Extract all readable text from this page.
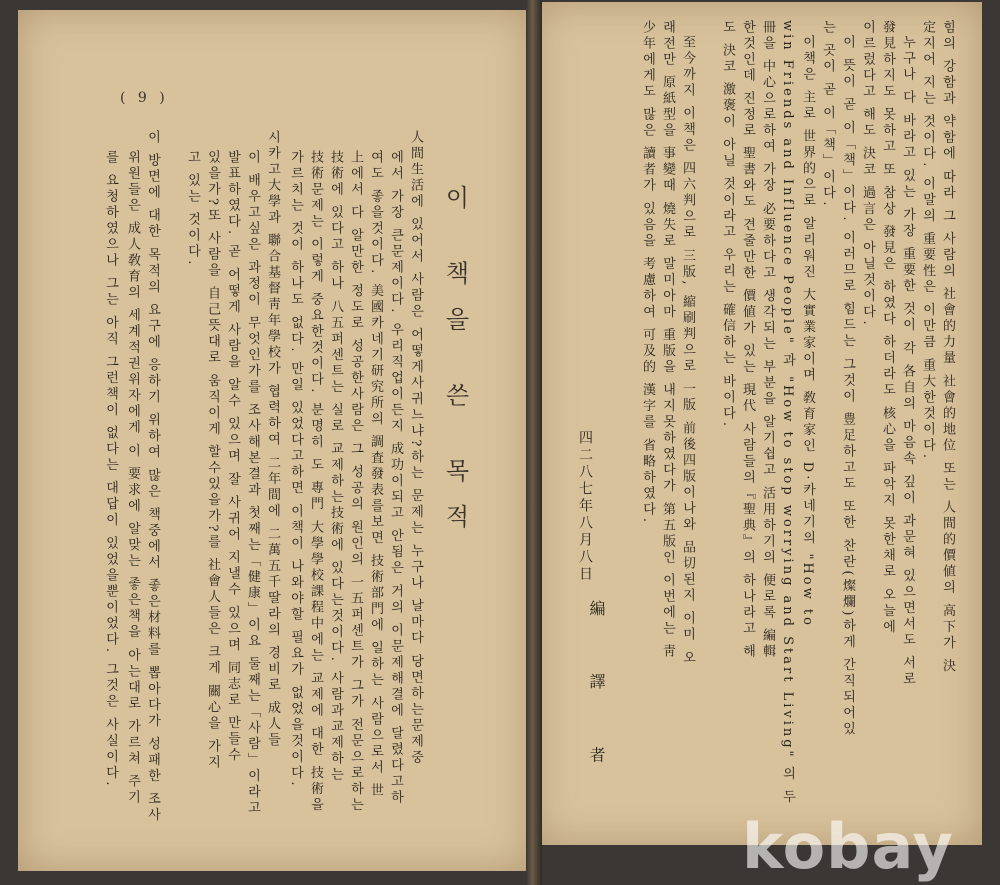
( 9 )
이 책을 쓴 목적
人間生活에 있어서 사람은 어떻게사귀느냐?하는 문제는 누구나 날마다 당면하는문제중
에서 가장 큰문제이다. 우리직업이든지 成功이되고 안됨은 거의 이문제해결에 달렸다고하
여도 좋을것이다. 美國카네기研究所의 調査發表를보면 技術部門에 일하는 사람으로서 世
上에서 다 알만한 정도로 성공한사람은 그 성공의 원인의 一五퍼센트가 그가 전문으로하는
技術에 있다고 하나 八五퍼센트는 실로 교제하는技術에 있다는것이다. 사람과교제하는
技術문제는 이렇게 중요한것이다. 분명히 도 專門 大學學校課程中에는 교제에 대한 技術을
가르치는 것이 하나도 없다. 만일 있었다고하면 이책이 나와야할 필요가 없었을것이다.
시카고大學과 聯合基督靑年學校가 협력하여 二年間에 二萬五千딸라의 경비로 成人들
이 배우고싶은 과정이 무엇인가를 조사해본결과 첫째는「健康」이요 둘째는「사람」이라고
발표하였다. 곧 어떻게 사람을 알수 있으며 잘 사귀어 지낼수 있으며 同志로 만들수
있을가?또 사람을 自己뜻대로 움직이게 할수있을가?를 社會人들은 크게 關心을 가지
고 있는 것이다.
이 방면에 대한 목적의 요구에 응하기 위하여 많은 책중에서 좋은材料를 뽑아다가 성패한 조사
위원들은 成人敎育의 세계적권위자에게 이 要求에 알맞는 좋은책을 아는대로 가르쳐 주기
를 요청하였으나 그는 아직 그런책이 없다는 대답이 있었을뿐이었다. 그것은 사실이다.	힘의 강함과 약함에 따라 그 사람의 社會的力量 社會的地位 또는 人間的價値의 高下가 決
定지어 지는 것이다. 이말의 重要性은 이만큼 重大한것이다.
누구나 다 바라고 있는 가장 重要한 것이 각 各自의 마음속 깊이 과문혀 있으면서도 서로
發見하지도 못하고 또 참상 發見은 하였다 하더라도 核心을 파악지 못한채로 오늘에
이르렀다고 해도 決코 過言은 아닐것이다.
이 뜻이 곧 이「책」이다. 이러므로 힘드는 그것이 豊足하고도 또한 찬란(燦爛)하게 간직되어있
는 곳이 곧 이「책」이다.
이책은 主로 世界的으로 알리워진 大實業家이며 敎育家인 D·카네기의 "How to
win Friends and Influence People" 과 "How to stop worrying and Start Living" 의 두
冊을 中心으로하여 가장 必要하다고 생각되는 부분을 알기쉽고 活用하기의 便로록 編輯
한것인데 진정로 聖書와도 견줄만한 價値가 있는 現代 사람들의『聖典』의 하나라고 해
도 決코 激褒이 아닐 것이라고 우리는 確信하는 바이다.
至今까지 이책은 四六判으로 三版, 縮刷判으로 一版 前後四版이나와 品切된지 이미 오
래전만 原紙型을 事變때 燒失로 말미아마 重版을 내지못하였다가 第五版인 이번에는 靑
少年에게도 많은 讀者가 있음을 考慮하여 可及的 漢字를 省略하였다.
四二八七年八月八日
編 譯 者
kobay
